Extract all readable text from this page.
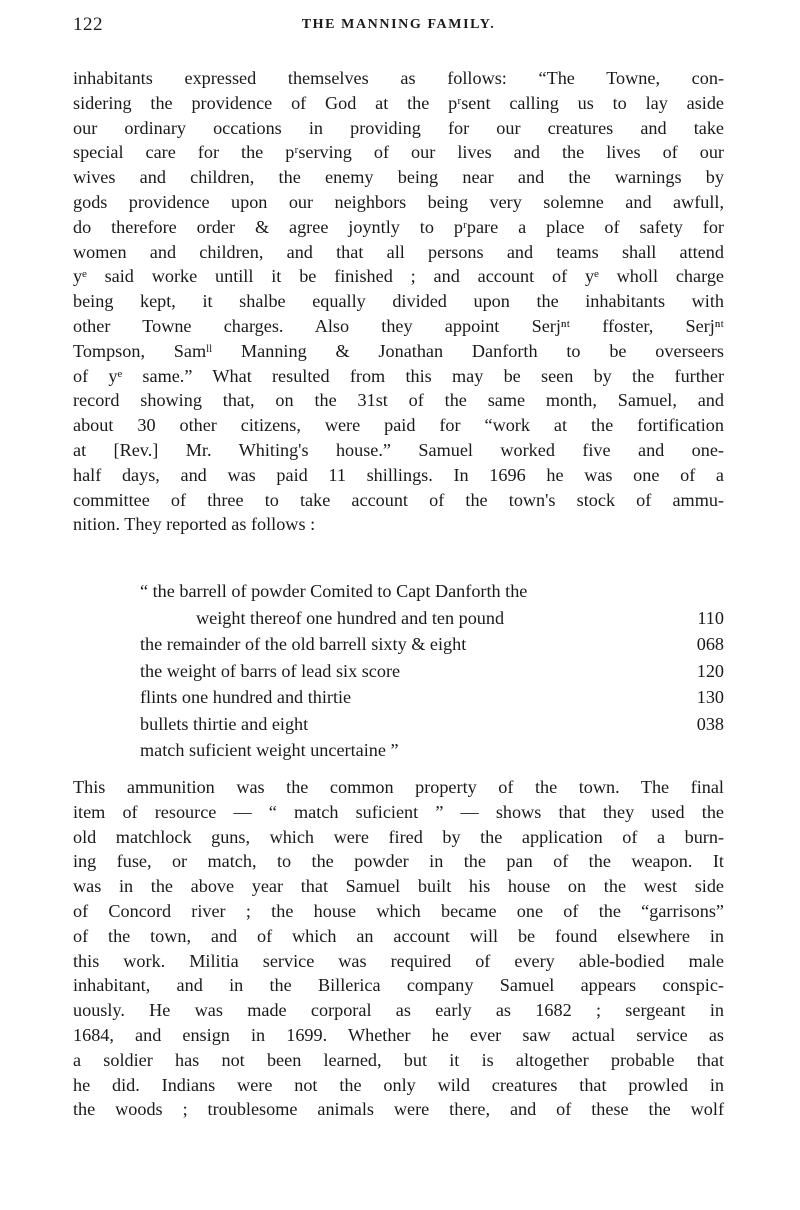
122	THE MANNING FAMILY.
inhabitants expressed themselves as follows: “The Towne, con-
sidering the providence of God at the pʳsent calling us to lay aside
our ordinary occations in providing for our creatures and take
special care for the pʳserving of our lives and the lives of our
wives and children, the enemy being near and the warnings by
gods providence upon our neighbors being very solemne and awfull,
do therefore order & agree joyntly to pʳpare a place of safety for
women and children, and that all persons and teams shall attend
yᵉ said worke untill it be finished ; and account of yᵉ wholl charge
being kept, it shalbe equally divided upon the inhabitants with
other Towne charges. Also they appoint Serjⁿᵗ ffoster, Serjⁿᵗ
Tompson, Samˡˡ Manning & Jonathan Danforth to be overseers
of yᵉ same.” What resulted from this may be seen by the further
record showing that, on the 31st of the same month, Samuel, and
about 30 other citizens, were paid for “work at the fortification
at [Rev.] Mr. Whiting's house.” Samuel worked five and one-
half days, and was paid 11 shillings. In 1696 he was one of a
committee of three to take account of the town's stock of ammu-
nition. They reported as follows :
“ the barrell of powder Comited to Capt Danforth the
weight thereof one hundred and ten pound	110
the remainder of the old barrell sixty & eight	068
the weight of barrs of lead six score	120
flints one hundred and thirtie	130
bullets thirtie and eight	038
match suficient weight uncertaine ”
This ammunition was the common property of the town. The final
item of resource — “ match suficient ” — shows that they used the
old matchlock guns, which were fired by the application of a burn-
ing fuse, or match, to the powder in the pan of the weapon. It
was in the above year that Samuel built his house on the west side
of Concord river ; the house which became one of the “garrisons”
of the town, and of which an account will be found elsewhere in
this work. Militia service was required of every able-bodied male
inhabitant, and in the Billerica company Samuel appears conspic-
uously. He was made corporal as early as 1682 ; sergeant in
1684, and ensign in 1699. Whether he ever saw actual service as
a soldier has not been learned, but it is altogether probable that
he did. Indians were not the only wild creatures that prowled in
the woods ; troublesome animals were there, and of these the wolf
